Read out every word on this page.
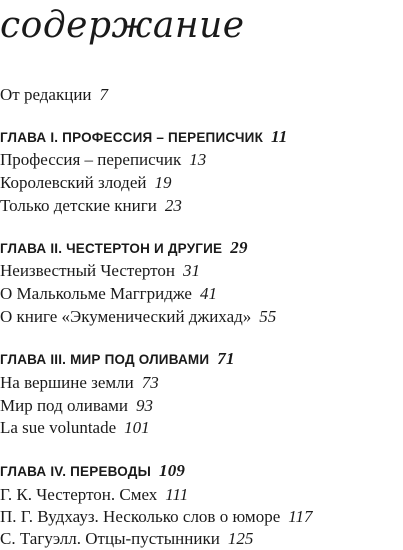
содержание
От редакции 7
ГЛАВА I. ПРОФЕССИЯ – ПЕРЕПИСЧИК 11
Профессия – переписчик 13
Королевский злодей 19
Только детские книги 23
ГЛАВА II. ЧЕСТЕРТОН И ДРУГИЕ 29
Неизвестный Честертон 31
О Малькольме Маггридже 41
О книге «Экуменический джихад» 55
ГЛАВА III. МИР ПОД ОЛИВАМИ 71
На вершине земли 73
Мир под оливами 93
La sue voluntade 101
ГЛАВА IV. ПЕРЕВОДЫ 109
Г. К. Честертон. Смех 111
П. Г. Вудхауз. Несколько слов о юморе 117
С. Тагуэлл. Отцы-пустынники 125
